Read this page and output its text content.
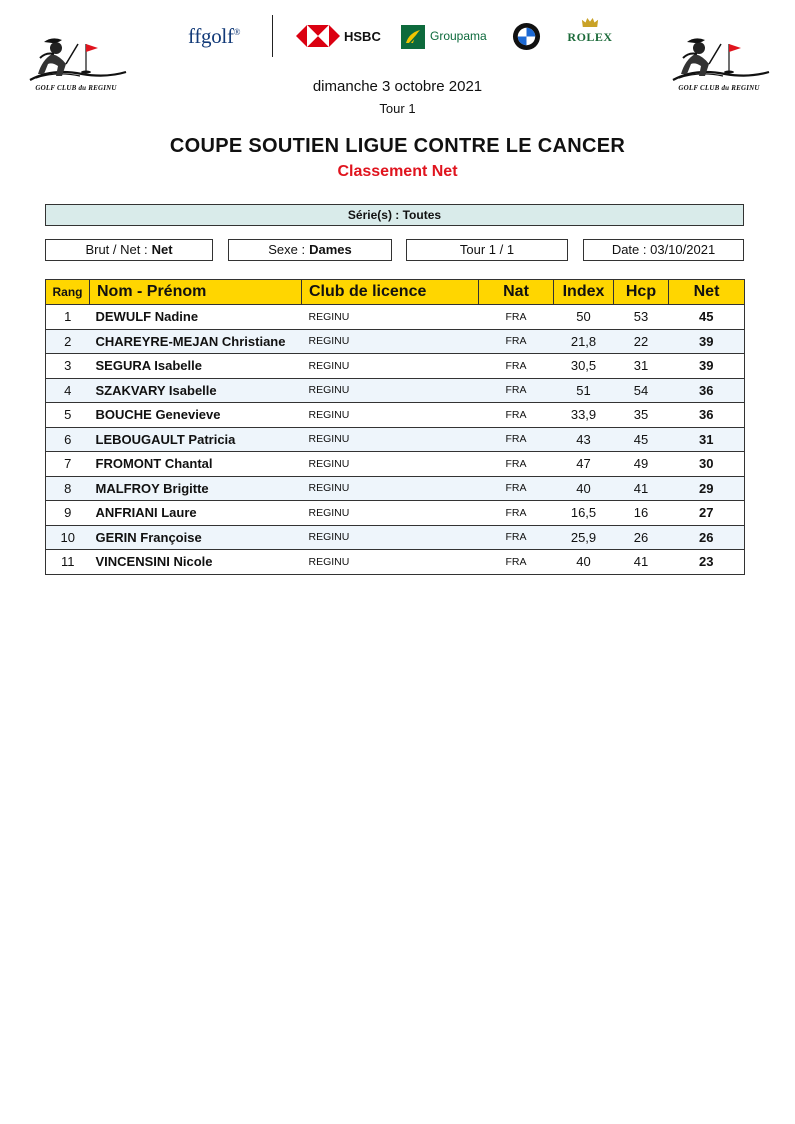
GOLF CLUB du REGINU	GOLF CLUB du REGINU
ffgolf®	HSBC	Groupama	ROLEX
dimanche 3 octobre 2021
Tour 1
COUPE SOUTIEN LIGUE CONTRE LE CANCER
Classement Net
Série(s) : Toutes
Brut / Net : Net	Sexe : Dames	Tour 1 / 1	Date : 03/10/2021
Rang	Nom - Prénom	Club de licence	Nat	Index	Hcp	Net
1	DEWULF Nadine	REGINU	FRA	50	53	45
2	CHAREYRE-MEJAN Christiane	REGINU	FRA	21,8	22	39
3	SEGURA Isabelle	REGINU	FRA	30,5	31	39
4	SZAKVARY Isabelle	REGINU	FRA	51	54	36
5	BOUCHE Genevieve	REGINU	FRA	33,9	35	36
6	LEBOUGAULT Patricia	REGINU	FRA	43	45	31
7	FROMONT Chantal	REGINU	FRA	47	49	30
8	MALFROY Brigitte	REGINU	FRA	40	41	29
9	ANFRIANI Laure	REGINU	FRA	16,5	16	27
10	GERIN Françoise	REGINU	FRA	25,9	26	26
11	VINCENSINI Nicole	REGINU	FRA	40	41	23
